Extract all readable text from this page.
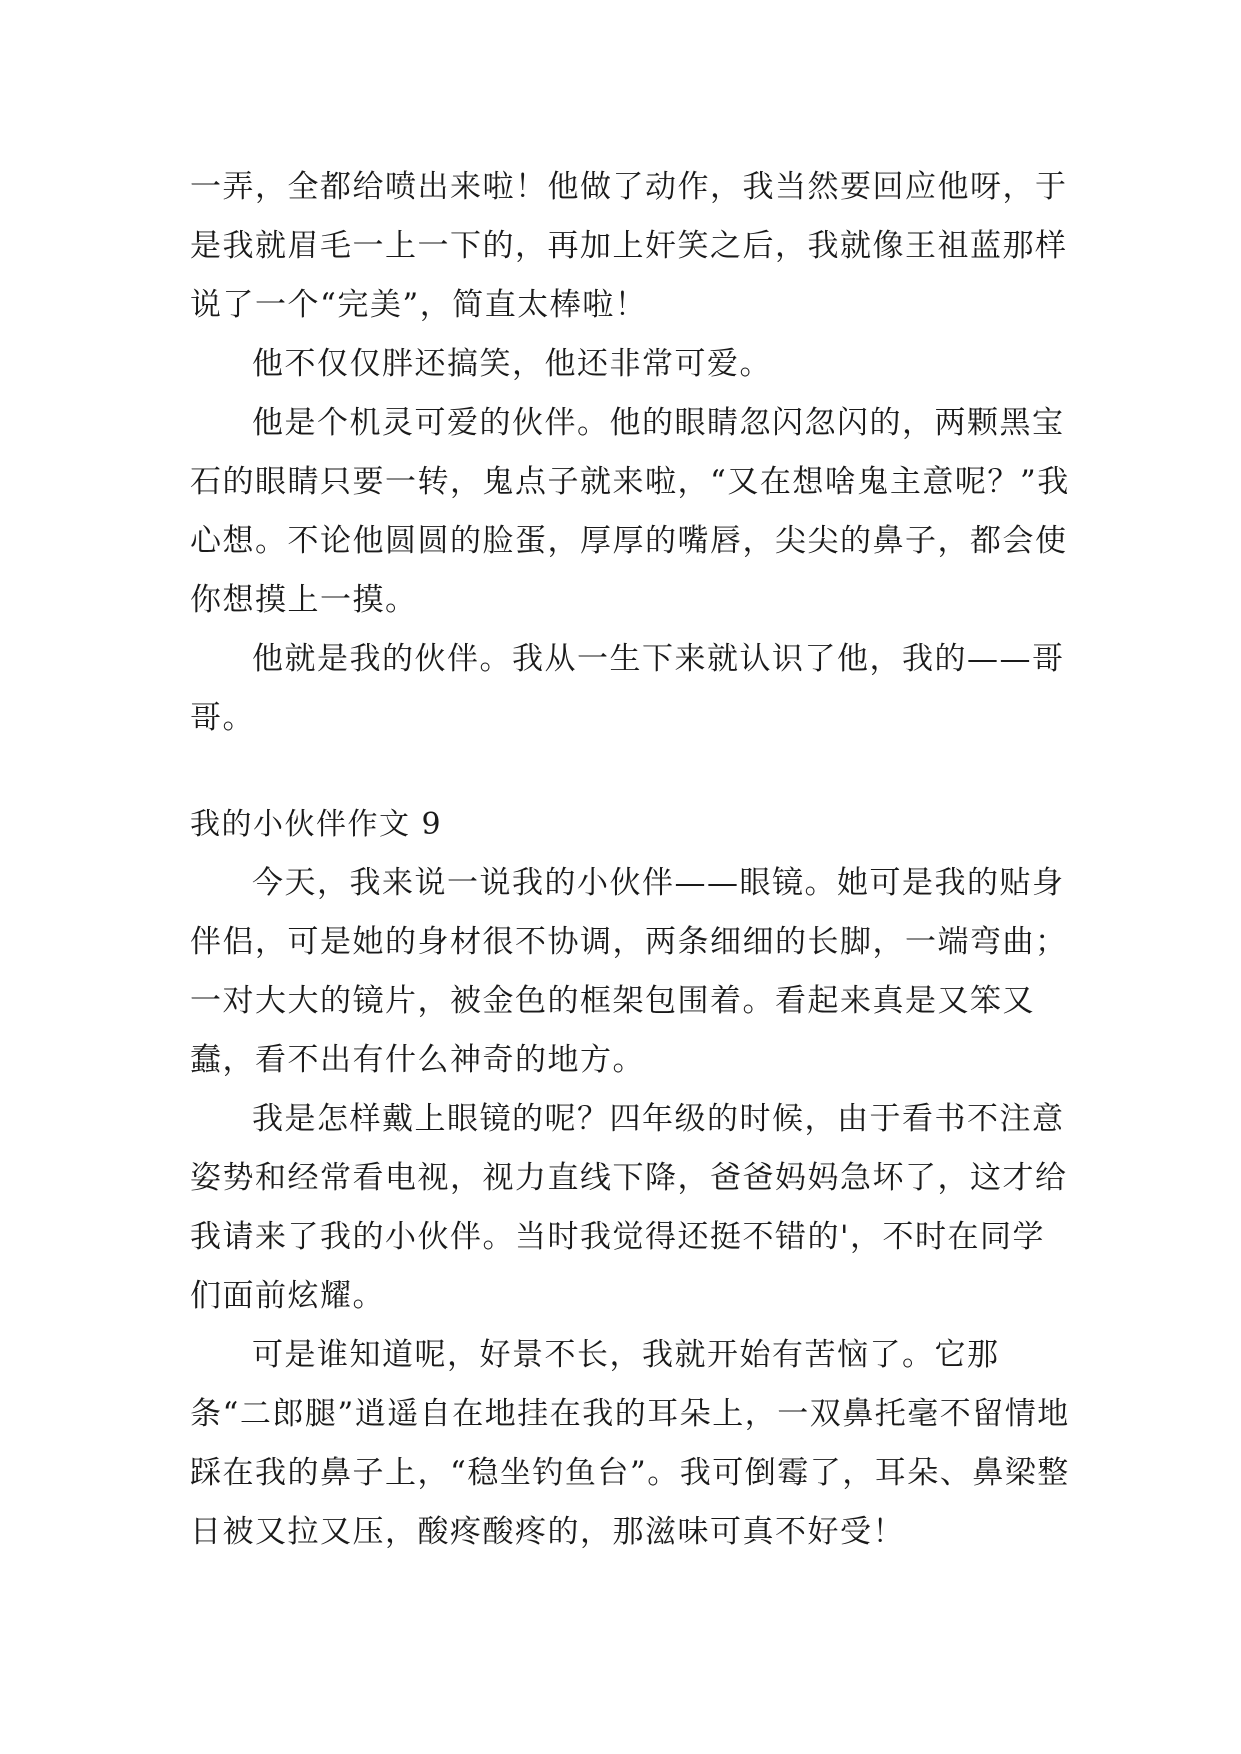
一弄，全都给喷出来啦！他做了动作，我当然要回应他呀，于是我就眉毛一上一下的，再加上奸笑之后，我就像王祖蓝那样说了一个“完美”，简直太棒啦！

他不仅仅胖还搞笑，他还非常可爱。

他是个机灵可爱的伙伴。他的眼睛忽闪忽闪的，两颗黑宝石的眼睛只要一转，鬼点子就来啦，“又在想啥鬼主意呢？”我心想。不论他圆圆的脸蛋，厚厚的嘴唇，尖尖的鼻子，都会使你想摸上一摸。

他就是我的伙伴。我从一生下来就认识了他，我的——哥哥。

我的小伙伴作文 9

今天，我来说一说我的小伙伴——眼镜。她可是我的贴身伴侣，可是她的身材很不协调，两条细细的长脚，一端弯曲；一对大大的镜片，被金色的框架包围着。看起来真是又笨又蠢，看不出有什么神奇的地方。

我是怎样戴上眼镜的呢？四年级的时候，由于看书不注意姿势和经常看电视，视力直线下降，爸爸妈妈急坏了，这才给我请来了我的小伙伴。当时我觉得还挺不错的'，不时在同学们面前炫耀。

可是谁知道呢，好景不长，我就开始有苦恼了。它那条“二郎腿”逍遥自在地挂在我的耳朵上，一双鼻托毫不留情地踩在我的鼻子上，“稳坐钓鱼台”。我可倒霉了，耳朵、鼻梁整日被又拉又压，酸疼酸疼的，那滋味可真不好受！
